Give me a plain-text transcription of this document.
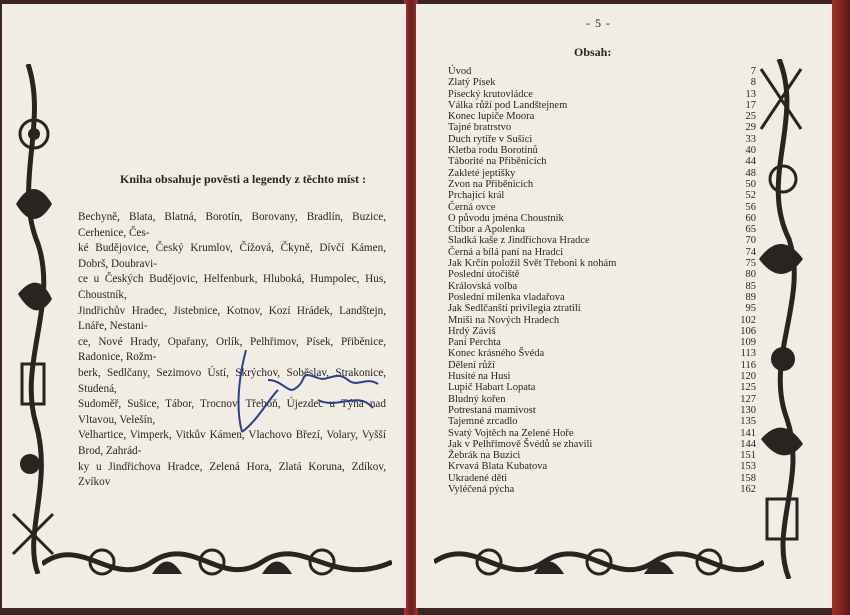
Kniha obsahuje pověsti a legendy z těchto míst :
Bechyně, Blata, Blatná, Borotín, Borovany, Bradlín, Buzice, Cerhenice, Čes-
ké Budějovice, Český Krumlov, Čížová, Čkyně, Dívčí Kámen, Dobrš, Doubravi-
ce u Českých Budějovic, Helfenburk, Hluboká, Humpolec, Hus, Choustník,
Jindřichův Hradec, Jistebnice, Kotnov, Kozí Hrádek, Landštejn, Lnáře, Nestani-
ce, Nové Hrady, Opařany, Orlík, Pelhřimov, Písek, Přiběnice, Radonice, Rožm-
berk, Sedlčany, Sezimovo Ústí, Skrýchov, Soběslav, Strakonice, Studená,
Sudoměř, Sušice, Tábor, Trocnov, Třeboň, Újezdec u Týna nad Vltavou, Velešín,
Velhartice, Vimperk, Vitkův Kámen, Vlachovo Březí, Volary, Vyšší Brod, Zahrád-
ky u Jindřichova Hradce, Zelená Hora, Zlatá Koruna, Zdíkov, Zvíkov
- 5 -
Obsah:
Úvod	7
Zlatý Písek	8
Písecký krutovládce	13
Válka růží pod Landštejnem	17
Konec lupiče Moora	25
Tajné bratrstvo	29
Duch rytíře v Sušici	33
Kletba rodu Borotínů	40
Táborité na Přiběnicích	44
Zakleté jeptišky	48
Zvon na Přiběnicích	50
Prchající král	52
Černá ovce	56
O původu jména Choustník	60
Ctibor a Apolenka	65
Sladká kaše z Jindřichova Hradce	70
Černá a bílá paní na Hradci	74
Jak Krčín položil Svět Třeboni k nohám	75
Poslední útočiště	80
Královská volba	85
Poslední milenka vladařova	89
Jak Sedlčanští privilegia ztratili	95
Mniši na Nových Hradech	102
Hrdý Záviš	106
Paní Perchta	109
Konec krásného Švéda	113
Dělení růží	116
Husité na Husi	120
Lupič Habart Lopata	125
Bludný kořen	127
Potrestaná mamivost	130
Tajemné zrcadlo	135
Svatý Vojtěch na Zelené Hoře	141
Jak v Pelhřimově Švédů se zhavili	144
Žebrák na Buzici	151
Krvavá Blata Kubatova	153
Ukradené děti	158
Vyléčená pýcha	162
